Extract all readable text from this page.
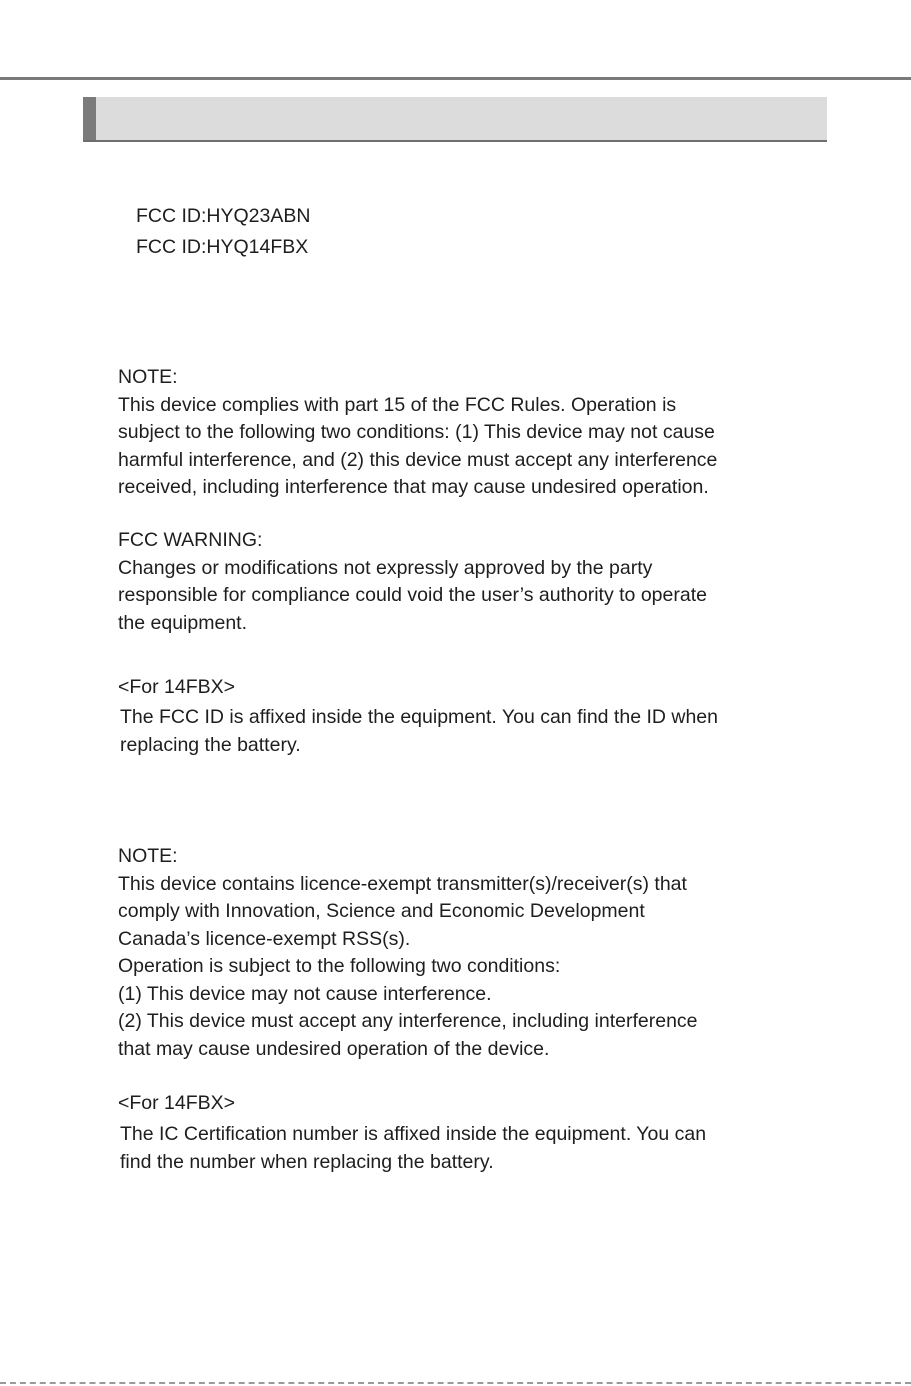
FCC ID:HYQ23ABN

FCC ID:HYQ14FBX

NOTE:
This device complies with part 15 of the FCC Rules. Operation is
subject to the following two conditions: (1) This device may not cause
harmful interference, and (2) this device must accept any interference
received, including interference that may cause undesired operation.
FCC WARNING:
Changes or modifications not expressly approved by the party
responsible for compliance could void the user’s authority to operate
the equipment.

<For 14FBX>

The FCC ID is affixed inside the equipment. You can find the ID when
replacing the battery.
NOTE:
This device contains licence-exempt transmitter(s)/receiver(s) that
comply with Innovation, Science and Economic Development
Canada’s licence-exempt RSS(s).
Operation is subject to the following two conditions:
(1) This device may not cause interference.
(2) This device must accept any interference, including interference
that may cause undesired operation of the device.

<For 14FBX>

The IC Certification number is affixed inside the equipment. You can
find the number when replacing the battery.
